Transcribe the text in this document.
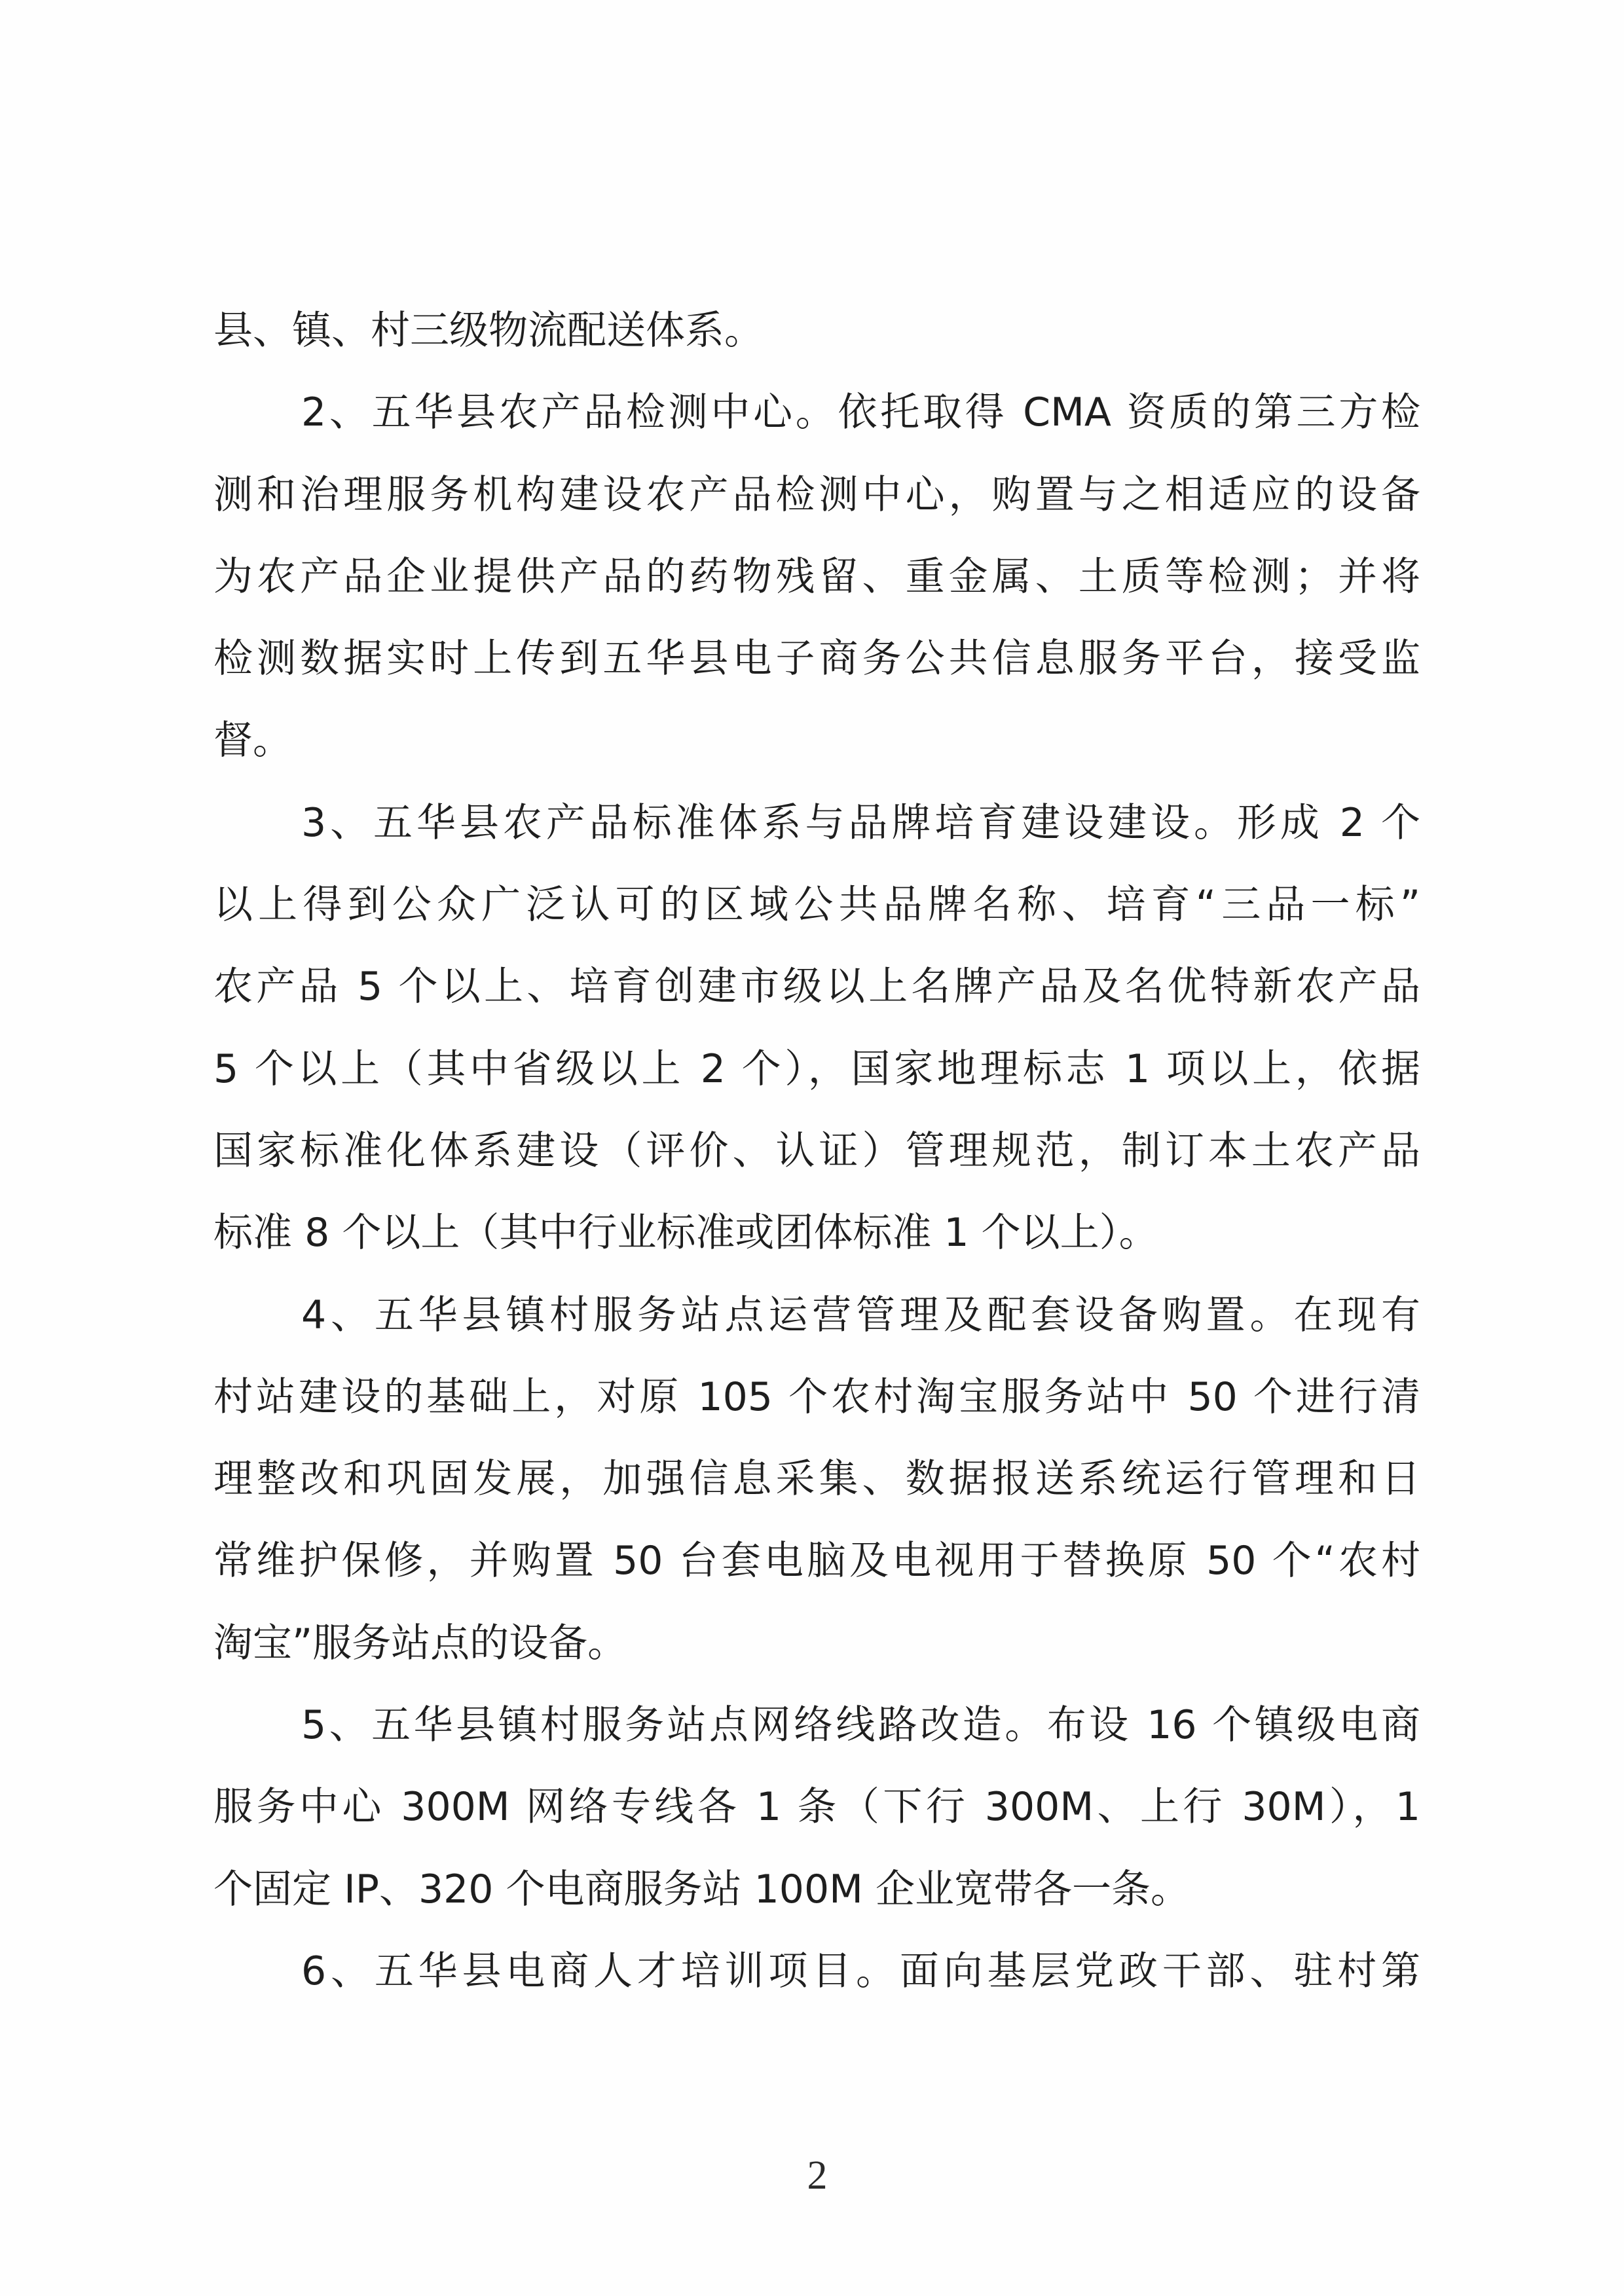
县、镇、村三级物流配送体系。
2、五华县农产品检测中心。依托取得 CMA 资质的第三方检
测和治理服务机构建设农产品检测中心，购置与之相适应的设备
为农产品企业提供产品的药物残留、重金属、土质等检测；并将
检测数据实时上传到五华县电子商务公共信息服务平台，接受监
督。
3、五华县农产品标准体系与品牌培育建设建设。形成 2 个
以上得到公众广泛认可的区域公共品牌名称、培育“三品一标”
农产品 5 个以上、培育创建市级以上名牌产品及名优特新农产品
5 个以上（其中省级以上 2 个），国家地理标志 1 项以上，依据
国家标准化体系建设（评价、认证）管理规范，制订本土农产品
标准 8 个以上（其中行业标准或团体标准 1 个以上）。
4、五华县镇村服务站点运营管理及配套设备购置。在现有
村站建设的基础上，对原 105 个农村淘宝服务站中 50 个进行清
理整改和巩固发展，加强信息采集、数据报送系统运行管理和日
常维护保修，并购置 50 台套电脑及电视用于替换原 50 个“农村
淘宝”服务站点的设备。
5、五华县镇村服务站点网络线路改造。布设 16 个镇级电商
服务中心 300M 网络专线各 1 条（下行 300M、上行 30M），1
个固定 IP、320 个电商服务站 100M 企业宽带各一条。
6、五华县电商人才培训项目。面向基层党政干部、驻村第
2
